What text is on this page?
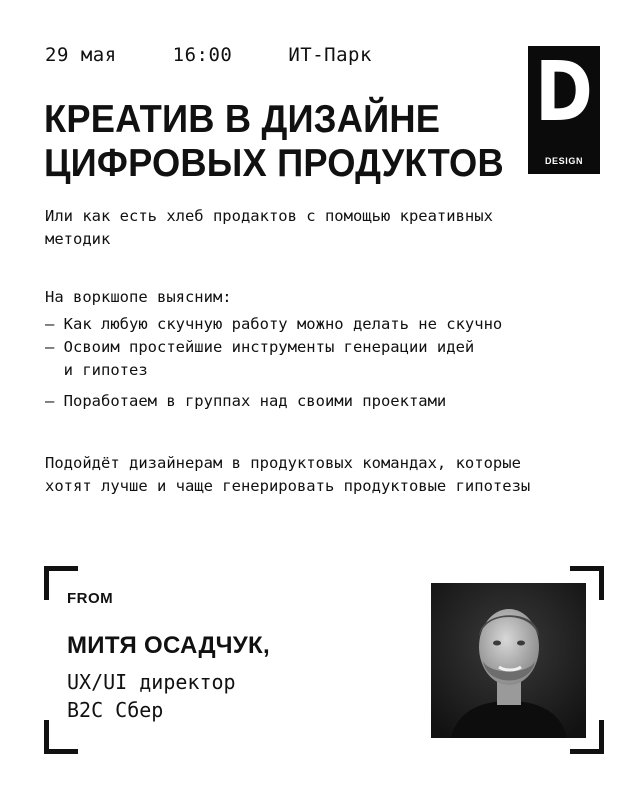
29 мая	16:00	ИТ-Парк D
DESIGN
КРЕАТИВ В ДИЗАЙНЕ
ЦИФРОВЫХ ПРОДУКТОВ
Или как есть хлеб продактов с помощью креативных
методик
На воркшопе выясним:
– Как любую скучную работу можно делать не скучно
– Освоим простейшие инструменты генерации идей
и гипотез
– Поработаем в группах над своими проектами
Подойдёт дизайнерам в продуктовых командах, которые
хотят лучше и чаще генерировать продуктовые гипотезы
FROM
МИТЯ ОСАДЧУК,
UX/UI директор
B2C Сбер
